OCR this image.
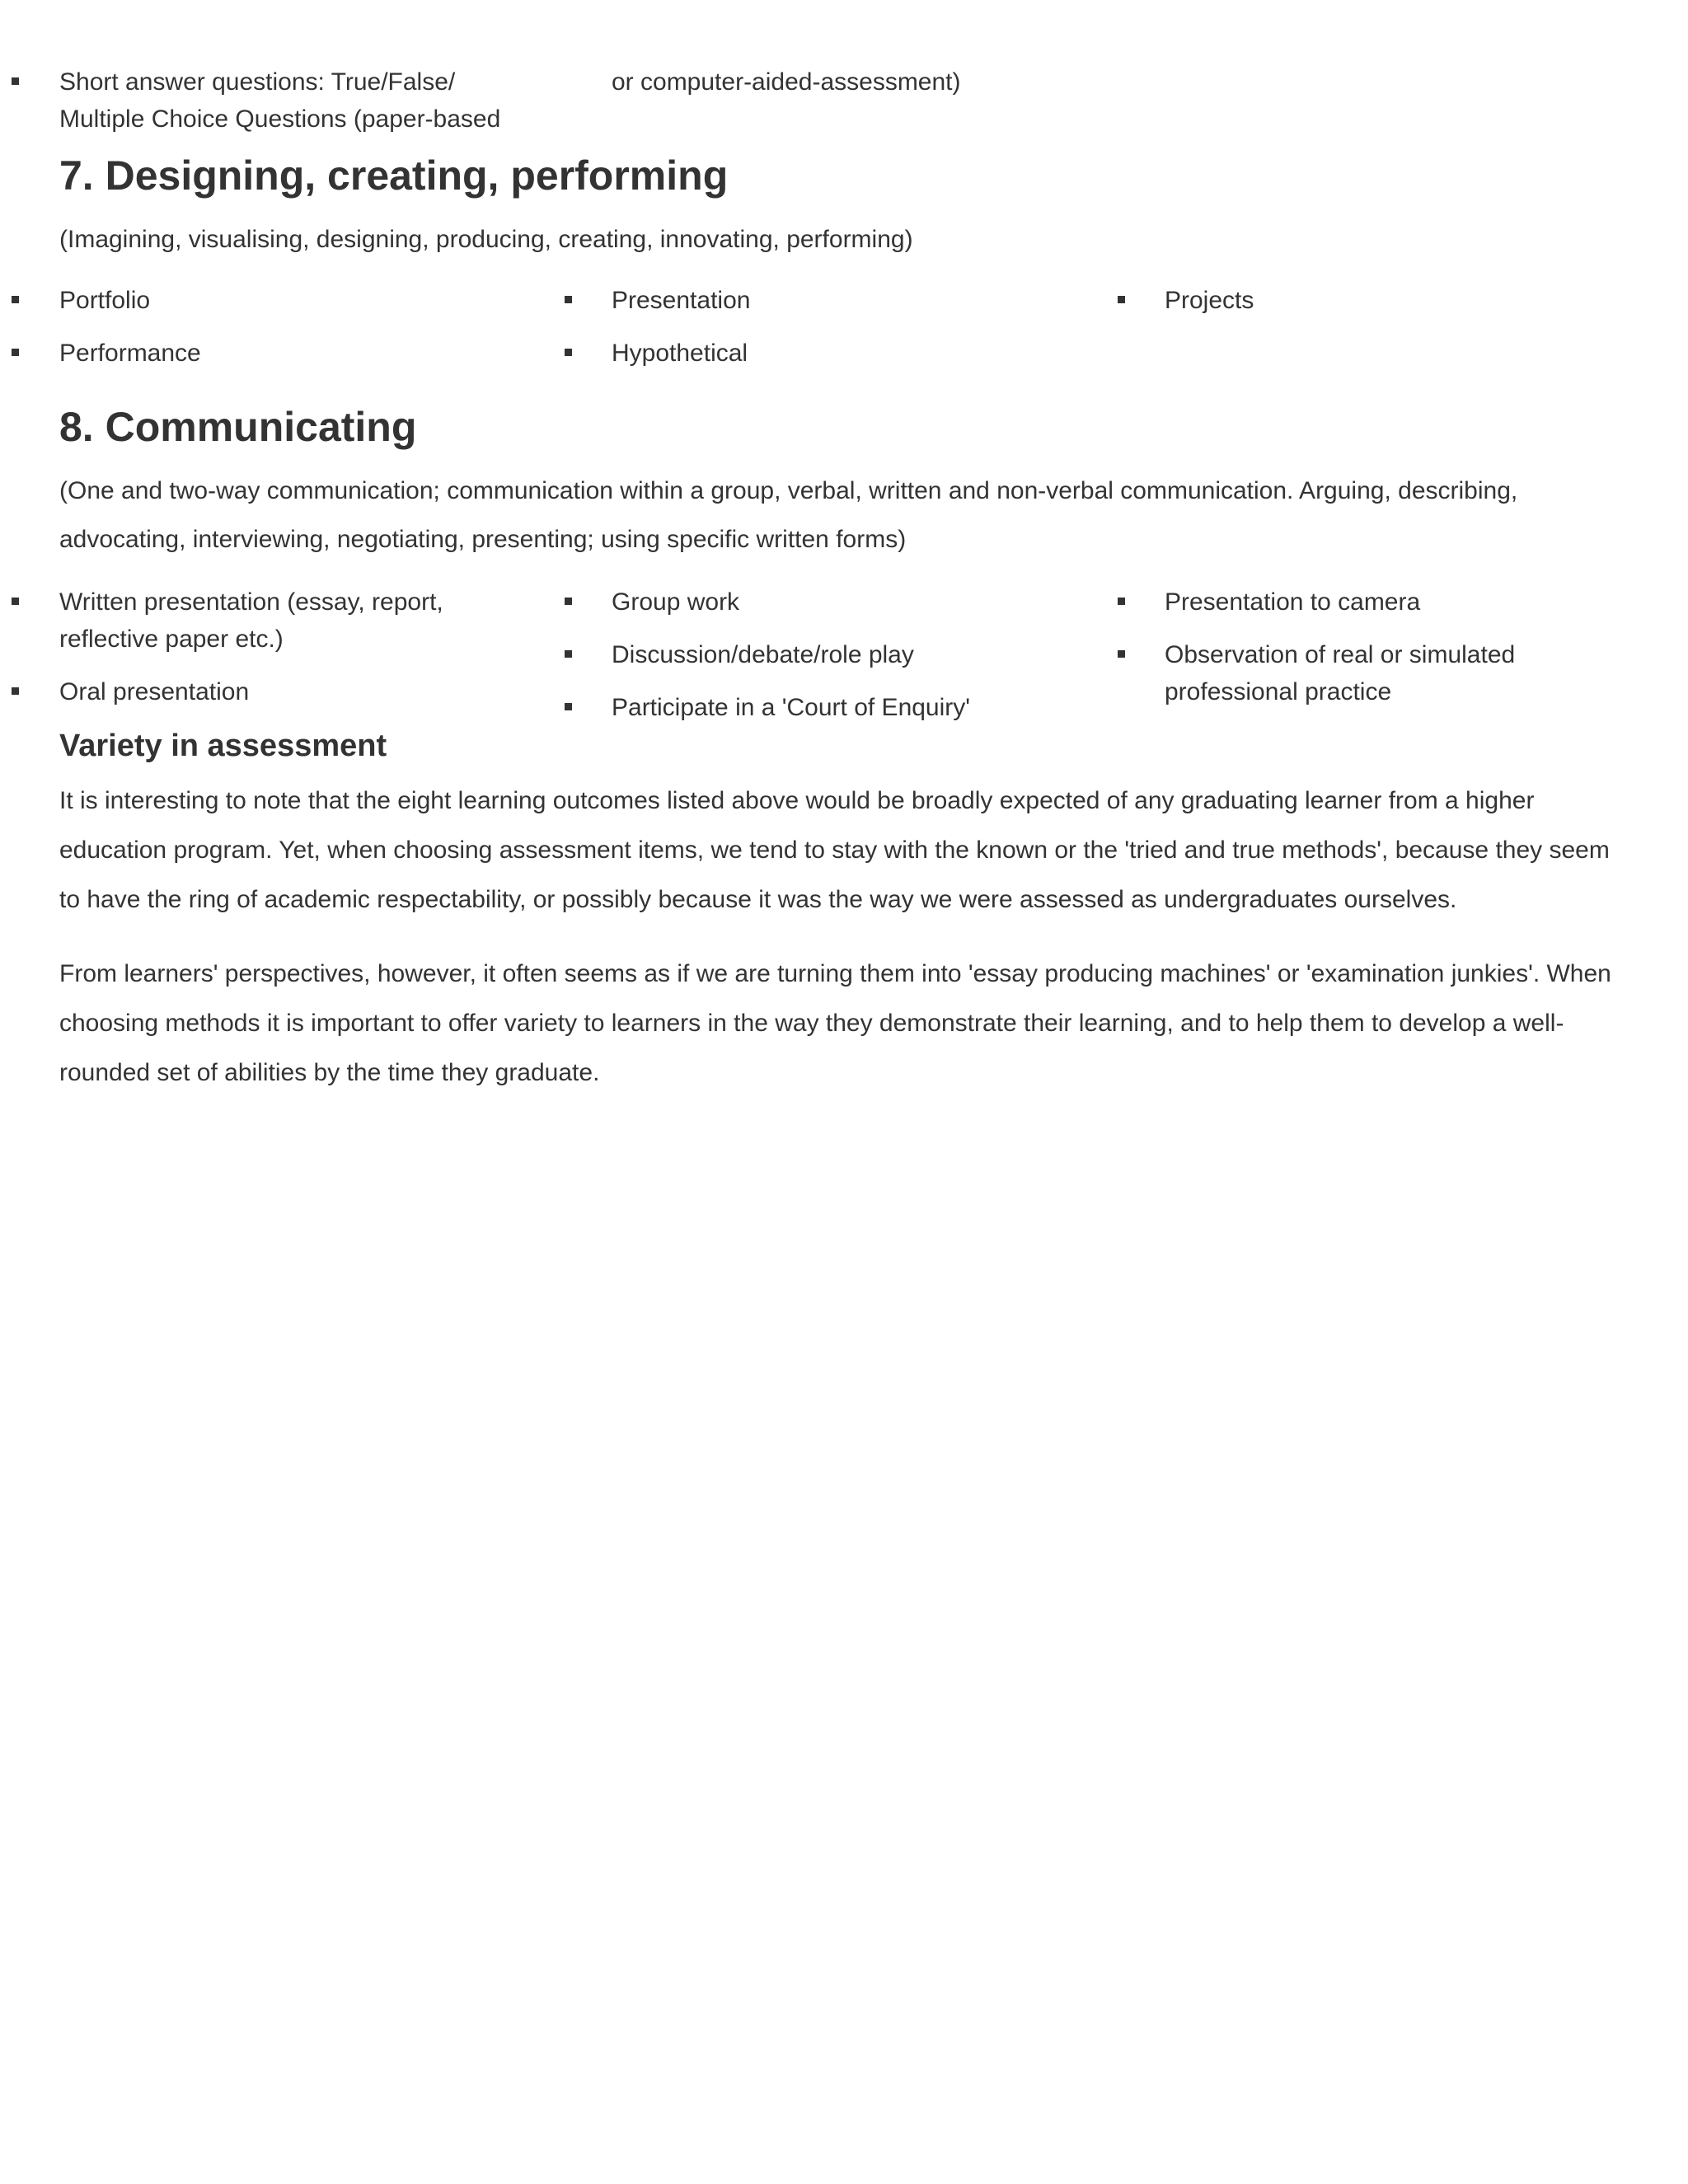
Short answer questions: True/False/
Multiple Choice Questions (paper-based
or computer-aided-assessment)
7. Designing, creating, performing
(Imagining, visualising, designing, producing, creating, innovating, performing)
Portfolio	Presentation	Projects
Performance	Hypothetical
8. Communicating
(One and two-way communication; communication within a group, verbal, written and non-verbal communication. Arguing, describing,
advocating, interviewing, negotiating, presenting; using specific written forms)
Written presentation (essay, report,
reflective paper etc.)
Oral presentation
Group work
Discussion/debate/role play
Participate in a 'Court of Enquiry'
Presentation to camera
Observation of real or simulated
professional practice
Variety in assessment
It is interesting to note that the eight learning outcomes listed above would be broadly expected of any graduating learner from a higher
education program. Yet, when choosing assessment items, we tend to stay with the known or the 'tried and true methods', because they seem
to have the ring of academic respectability, or possibly because it was the way we were assessed as undergraduates ourselves.
From learners' perspectives, however, it often seems as if we are turning them into 'essay producing machines' or 'examination junkies'. When
choosing methods it is important to offer variety to learners in the way they demonstrate their learning, and to help them to develop a well-
rounded set of abilities by the time they graduate.
